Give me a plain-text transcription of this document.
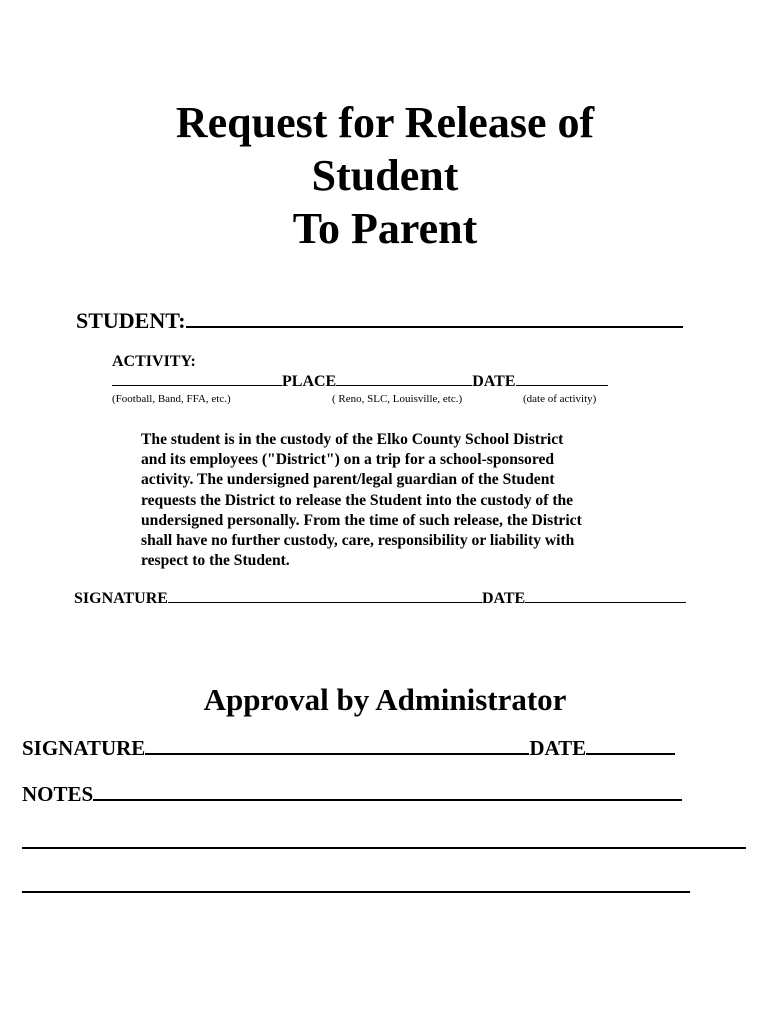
Request for Release of
Student
To Parent
STUDENT:
ACTIVITY:
PLACE	DATE
(Football, Band, FFA, etc.)	( Reno, SLC, Louisville, etc.)	(date of activity)
The student is in the custody of the Elko County School District
and its employees ("District") on a trip for a school-sponsored
activity. The undersigned parent/legal guardian of the Student
requests the District to release the Student into the custody of the
undersigned personally. From the time of such release, the District
shall have no further custody, care, responsibility or liability with
respect to the Student.
SIGNATURE	DATE
Approval by Administrator
SIGNATURE	DATE
NOTES
